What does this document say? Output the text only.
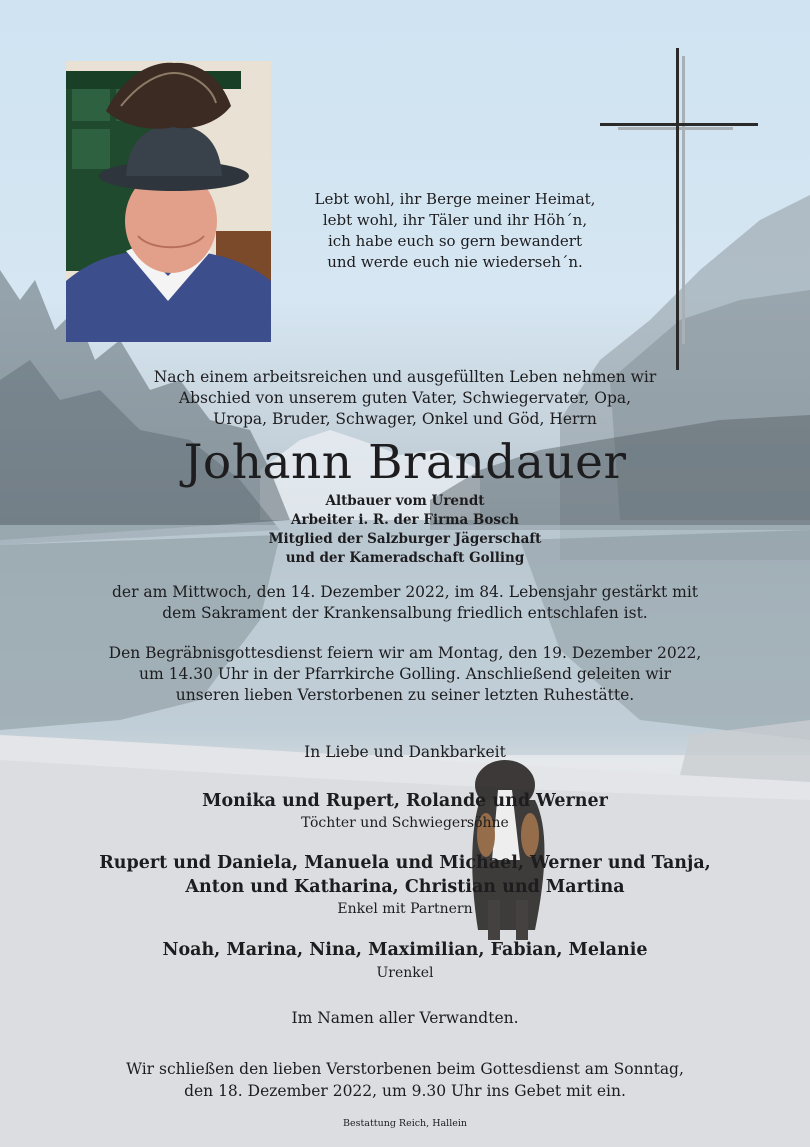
Lebt wohl, ihr Berge meiner Heimat,
lebt wohl, ihr Täler und ihr Höh´n,
ich habe euch so gern bewandert
und werde euch nie wiederseh´n.
Nach einem arbeitsreichen und ausgefüllten Leben nehmen wir
Abschied von unserem guten Vater, Schwiegervater, Opa,
Uropa, Bruder, Schwager, Onkel und Göd, Herrn
Johann Brandauer
Altbauer vom Urendt
Arbeiter i. R. der Firma Bosch
Mitglied der Salzburger Jägerschaft
und der Kameradschaft Golling
der am Mittwoch, den 14. Dezember 2022, im 84. Lebensjahr gestärkt mit
dem Sakrament der Krankensalbung friedlich entschlafen ist.
Den Begräbnisgottesdienst feiern wir am Montag, den 19. Dezember 2022,
um 14.30 Uhr in der Pfarrkirche Golling. Anschließend geleiten wir
unseren lieben Verstorbenen zu seiner letzten Ruhestätte.
In Liebe und Dankbarkeit
Monika und Rupert, Rolande und Werner
Töchter und Schwiegersöhne
Rupert und Daniela, Manuela und Michael, Werner und Tanja,
Anton und Katharina, Christian und Martina
Enkel mit Partnern
Noah, Marina, Nina, Maximilian, Fabian, Melanie
Urenkel
Im Namen aller Verwandten.
Wir schließen den lieben Verstorbenen beim Gottesdienst am Sonntag,
den 18. Dezember 2022, um 9.30 Uhr ins Gebet mit ein.
Bestattung Reich, Hallein
